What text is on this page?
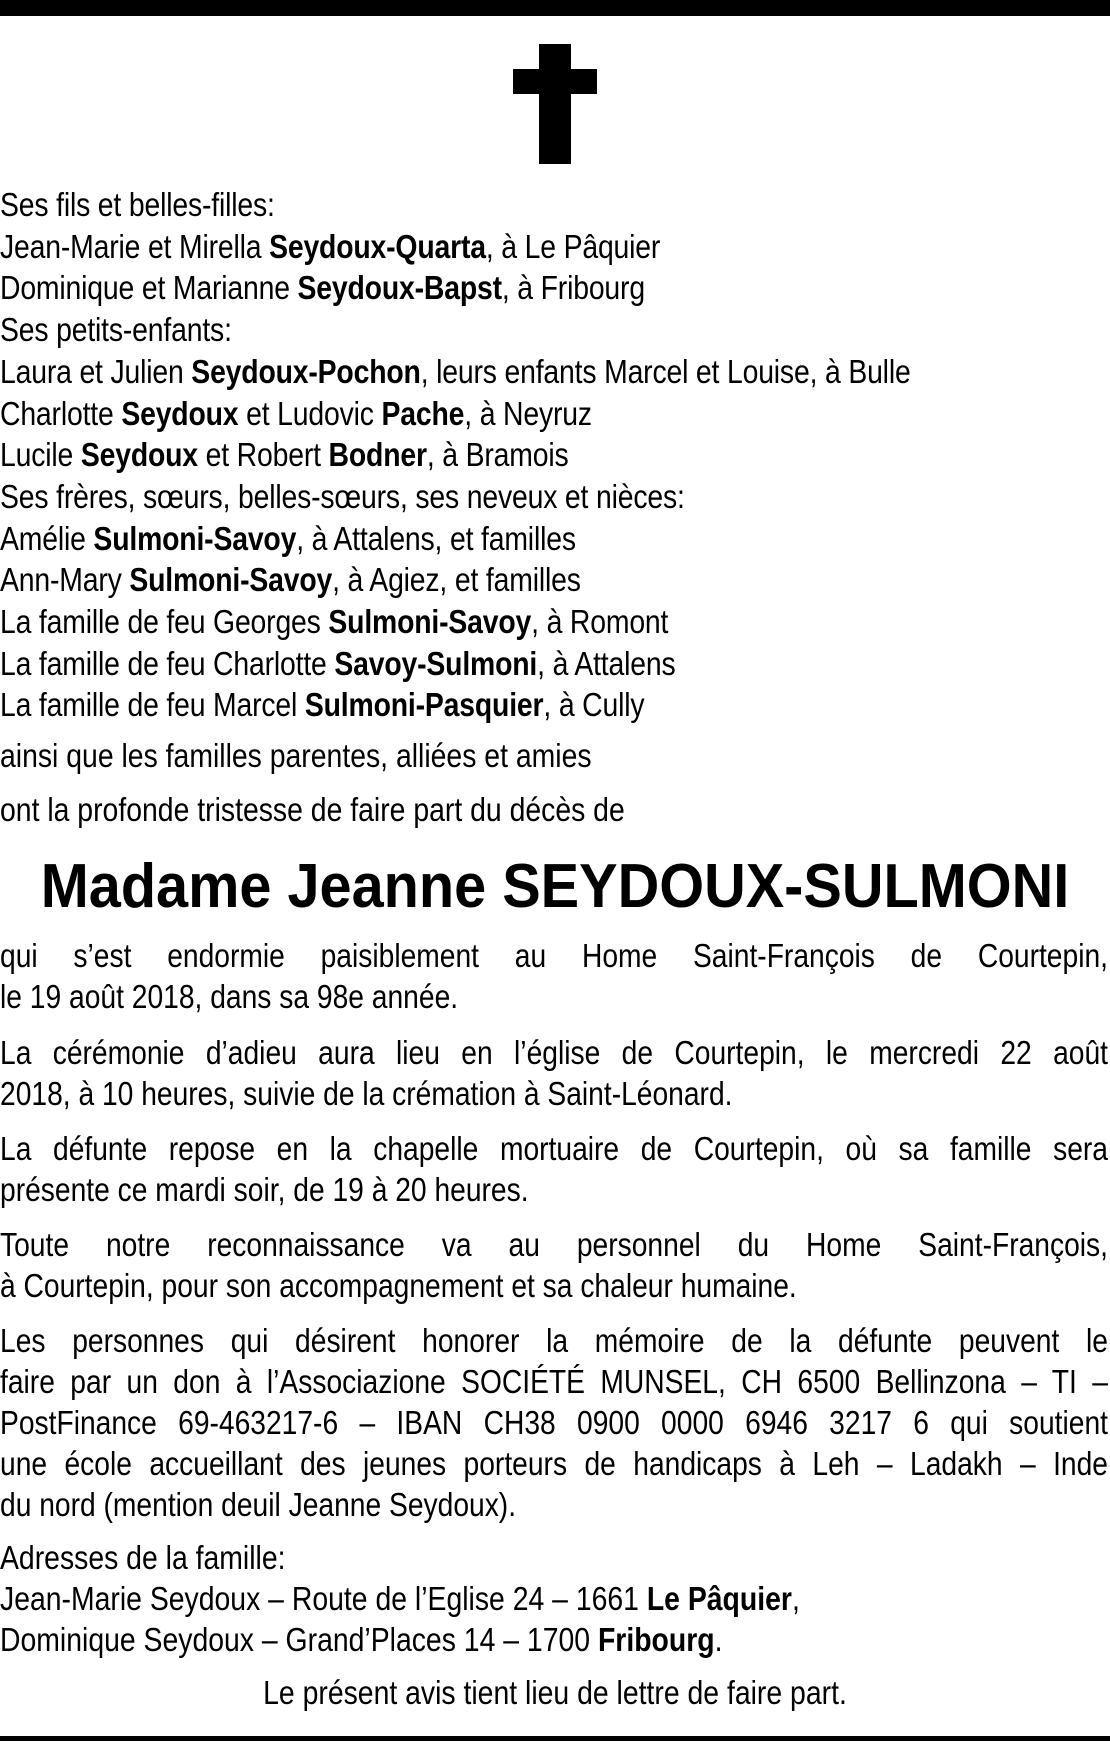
Ses fils et belles-filles:
Jean-Marie et Mirella Seydoux-Quarta, à Le Pâquier
Dominique et Marianne Seydoux-Bapst, à Fribourg
Ses petits-enfants:
Laura et Julien Seydoux-Pochon, leurs enfants Marcel et Louise, à Bulle
Charlotte Seydoux et Ludovic Pache, à Neyruz
Lucile Seydoux et Robert Bodner, à Bramois
Ses frères, sœurs, belles-sœurs, ses neveux et nièces:
Amélie Sulmoni-Savoy, à Attalens, et familles
Ann-Mary Sulmoni-Savoy, à Agiez, et familles
La famille de feu Georges Sulmoni-Savoy, à Romont
La famille de feu Charlotte Savoy-Sulmoni, à Attalens
La famille de feu Marcel Sulmoni-Pasquier, à Cully
ainsi que les familles parentes, alliées et amies
ont la profonde tristesse de faire part du décès de
Madame Jeanne SEYDOUX-SULMONI
qui s’est endormie paisiblement au Home Saint-François de Courtepin,
le 19 août 2018, dans sa 98e année.
La cérémonie d’adieu aura lieu en l’église de Courtepin, le mercredi 22 août
2018, à 10 heures, suivie de la crémation à Saint-Léonard.
La défunte repose en la chapelle mortuaire de Courtepin, où sa famille sera
présente ce mardi soir, de 19 à 20 heures.
Toute notre reconnaissance va au personnel du Home Saint-François,
à Courtepin, pour son accompagnement et sa chaleur humaine.
Les personnes qui désirent honorer la mémoire de la défunte peuvent le
faire par un don à l’Associazione SOCIÉTÉ MUNSEL, CH 6500 Bellinzona – TI –
PostFinance 69-463217-6 – IBAN CH38 0900 0000 6946 3217 6 qui soutient
une école accueillant des jeunes porteurs de handicaps à Leh – Ladakh – Inde
du nord (mention deuil Jeanne Seydoux).
Adresses de la famille:
Jean-Marie Seydoux – Route de l’Eglise 24 – 1661 Le Pâquier,
Dominique Seydoux – Grand’Places 14 – 1700 Fribourg.
Le présent avis tient lieu de lettre de faire part.
